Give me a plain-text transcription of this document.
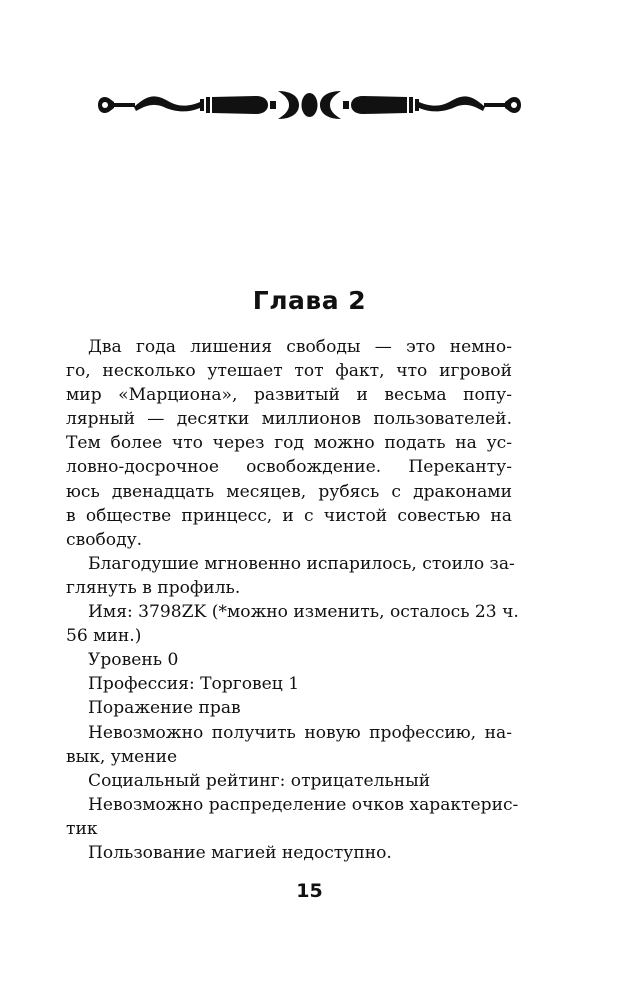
Глава 2
Два года лишения свободы — это немно-
го, несколько утешает тот факт, что игровой
мир «Марциона», развитый и весьма попу-
лярный — десятки миллионов пользователей.
Тем более что через год можно подать на ус-
ловно-досрочное освобождение. Переканту-
юсь двенадцать месяцев, рубясь с драконами
в обществе принцесс, и с чистой совестью на
свободу.
Благодушие мгновенно испарилось, стоило за-
глянуть в профиль.
Имя: 3798ZK (*можно изменить, осталось 23 ч.
56 мин.)
Уровень 0
Профессия: Торговец 1
Поражение прав
Невозможно получить новую профессию, на-
вык, умение
Социальный рейтинг: отрицательный
Невозможно распределение очков характерис-
тик
Пользование магией недоступно.
15
